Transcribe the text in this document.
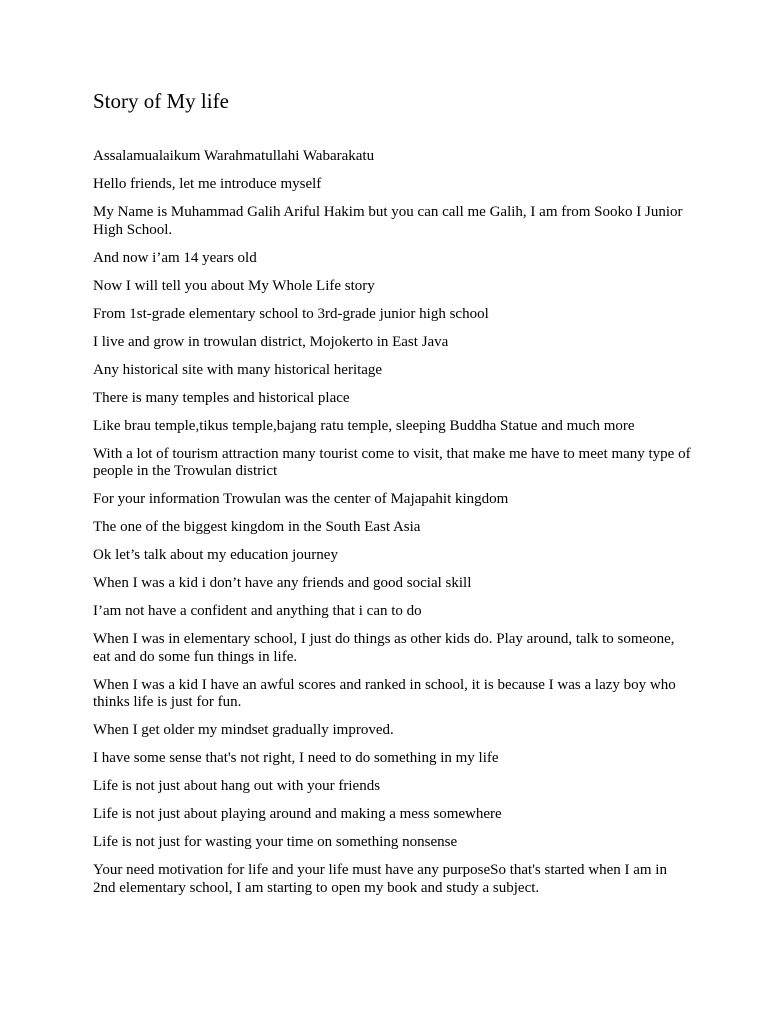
Story of My life

Assalamualaikum Warahmatullahi Wabarakatu

Hello friends, let me introduce myself

My Name is Muhammad Galih Ariful Hakim but you can call me Galih, I am from Sooko I Junior High School.

And now i’am 14 years old

Now I will tell you about My Whole Life story

From 1st-grade elementary school to 3rd-grade junior high school

I live and grow in trowulan district, Mojokerto in East Java

Any historical site with many historical heritage

There is many temples and historical place

Like brau temple,tikus temple,bajang ratu temple, sleeping Buddha Statue and much more

With a lot of tourism attraction many tourist come to visit, that make me have to meet many type of people in the Trowulan district

For your information Trowulan was the center of Majapahit kingdom

The one of the biggest kingdom in the South East Asia

Ok let’s talk about my education journey

When I was a kid i don’t have any friends and good social skill

I’am not have a confident and anything that i can to do

When I was in elementary school, I just do things as other kids do. Play around, talk to someone, eat and do some fun things in life.

When I was a kid I have an awful scores and ranked in school, it is because I was a lazy boy who thinks life is just for fun.

When I get older my mindset gradually improved.

I have some sense that's not right, I need to do something in my life

Life is not just about hang out with your friends

Life is not just about playing around and making a mess somewhere

Life is not just for wasting your time on something nonsense

Your need motivation for life and your life must have any purposeSo that's started when I am in 2nd elementary school, I am starting to open my book and study a subject.
